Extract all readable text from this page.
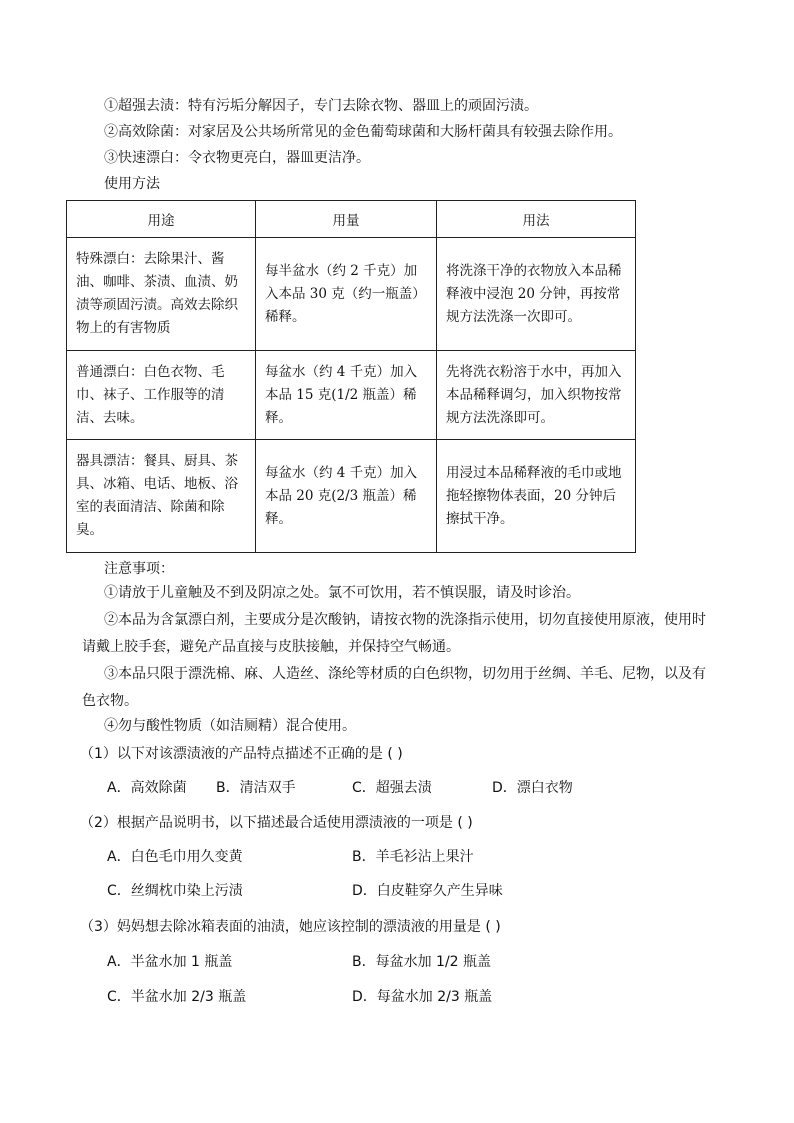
①超强去渍：特有污垢分解因子，专门去除衣物、器皿上的顽固污渍。
②高效除菌：对家居及公共场所常见的金色葡萄球菌和大肠杆菌具有较强去除作用。
③快速漂白：令衣物更亮白，器皿更洁净。
使用方法
用途	用量	用法
特殊漂白：去除果汁、酱油、咖啡、茶渍、血渍、奶渍等顽固污渍。高效去除织物上的有害物质	每半盆水（约 2 千克）加入本品 30 克（约一瓶盖）稀释。	将洗涤干净的衣物放入本品稀释液中浸泡 20 分钟，再按常规方法洗涤一次即可。
普通漂白：白色衣物、毛巾、袜子、工作服等的清洁、去味。	每盆水（约 4 千克）加入本品 15 克(1/2 瓶盖）稀释。	先将洗衣粉溶于水中，再加入本品稀释调匀，加入织物按常规方法洗涤即可。
器具漂洁：餐具、厨具、茶具、冰箱、电话、地板、浴室的表面清洁、除菌和除臭。	每盆水（约 4 千克）加入本品 20 克(2/3 瓶盖）稀释。	用浸过本品稀释液的毛巾或地拖轻擦物体表面，20 分钟后擦拭干净。
注意事项：
①请放于儿童触及不到及阴凉之处。氯不可饮用，若不慎误服，请及时诊治。
②本品为含氯漂白剂，主要成分是次酸钠，请按衣物的洗涤指示使用，切勿直接使用原液，使用时请戴上胶手套，避免产品直接与皮肤接触，并保持空气畅通。
③本品只限于漂洗棉、麻、人造丝、涤纶等材质的白色织物，切勿用于丝绸、羊毛、尼物，以及有色衣物。
④勿与酸性物质（如洁厕精）混合使用。
（1）以下对该漂渍液的产品特点描述不正确的是 ( )
A．高效除菌 B．清洁双手	C．超强去渍	D．漂白衣物
（2）根据产品说明书，以下描述最合适使用漂渍液的一项是 ( )
A．白色毛巾用久变黄	B．羊毛衫沾上果汁
C．丝绸枕巾染上污渍	D．白皮鞋穿久产生异味
（3）妈妈想去除冰箱表面的油渍，她应该控制的漂渍液的用量是 ( )
A．半盆水加 1 瓶盖	B．每盆水加 1/2 瓶盖
C．半盆水加 2/3 瓶盖	D．每盆水加 2/3 瓶盖
